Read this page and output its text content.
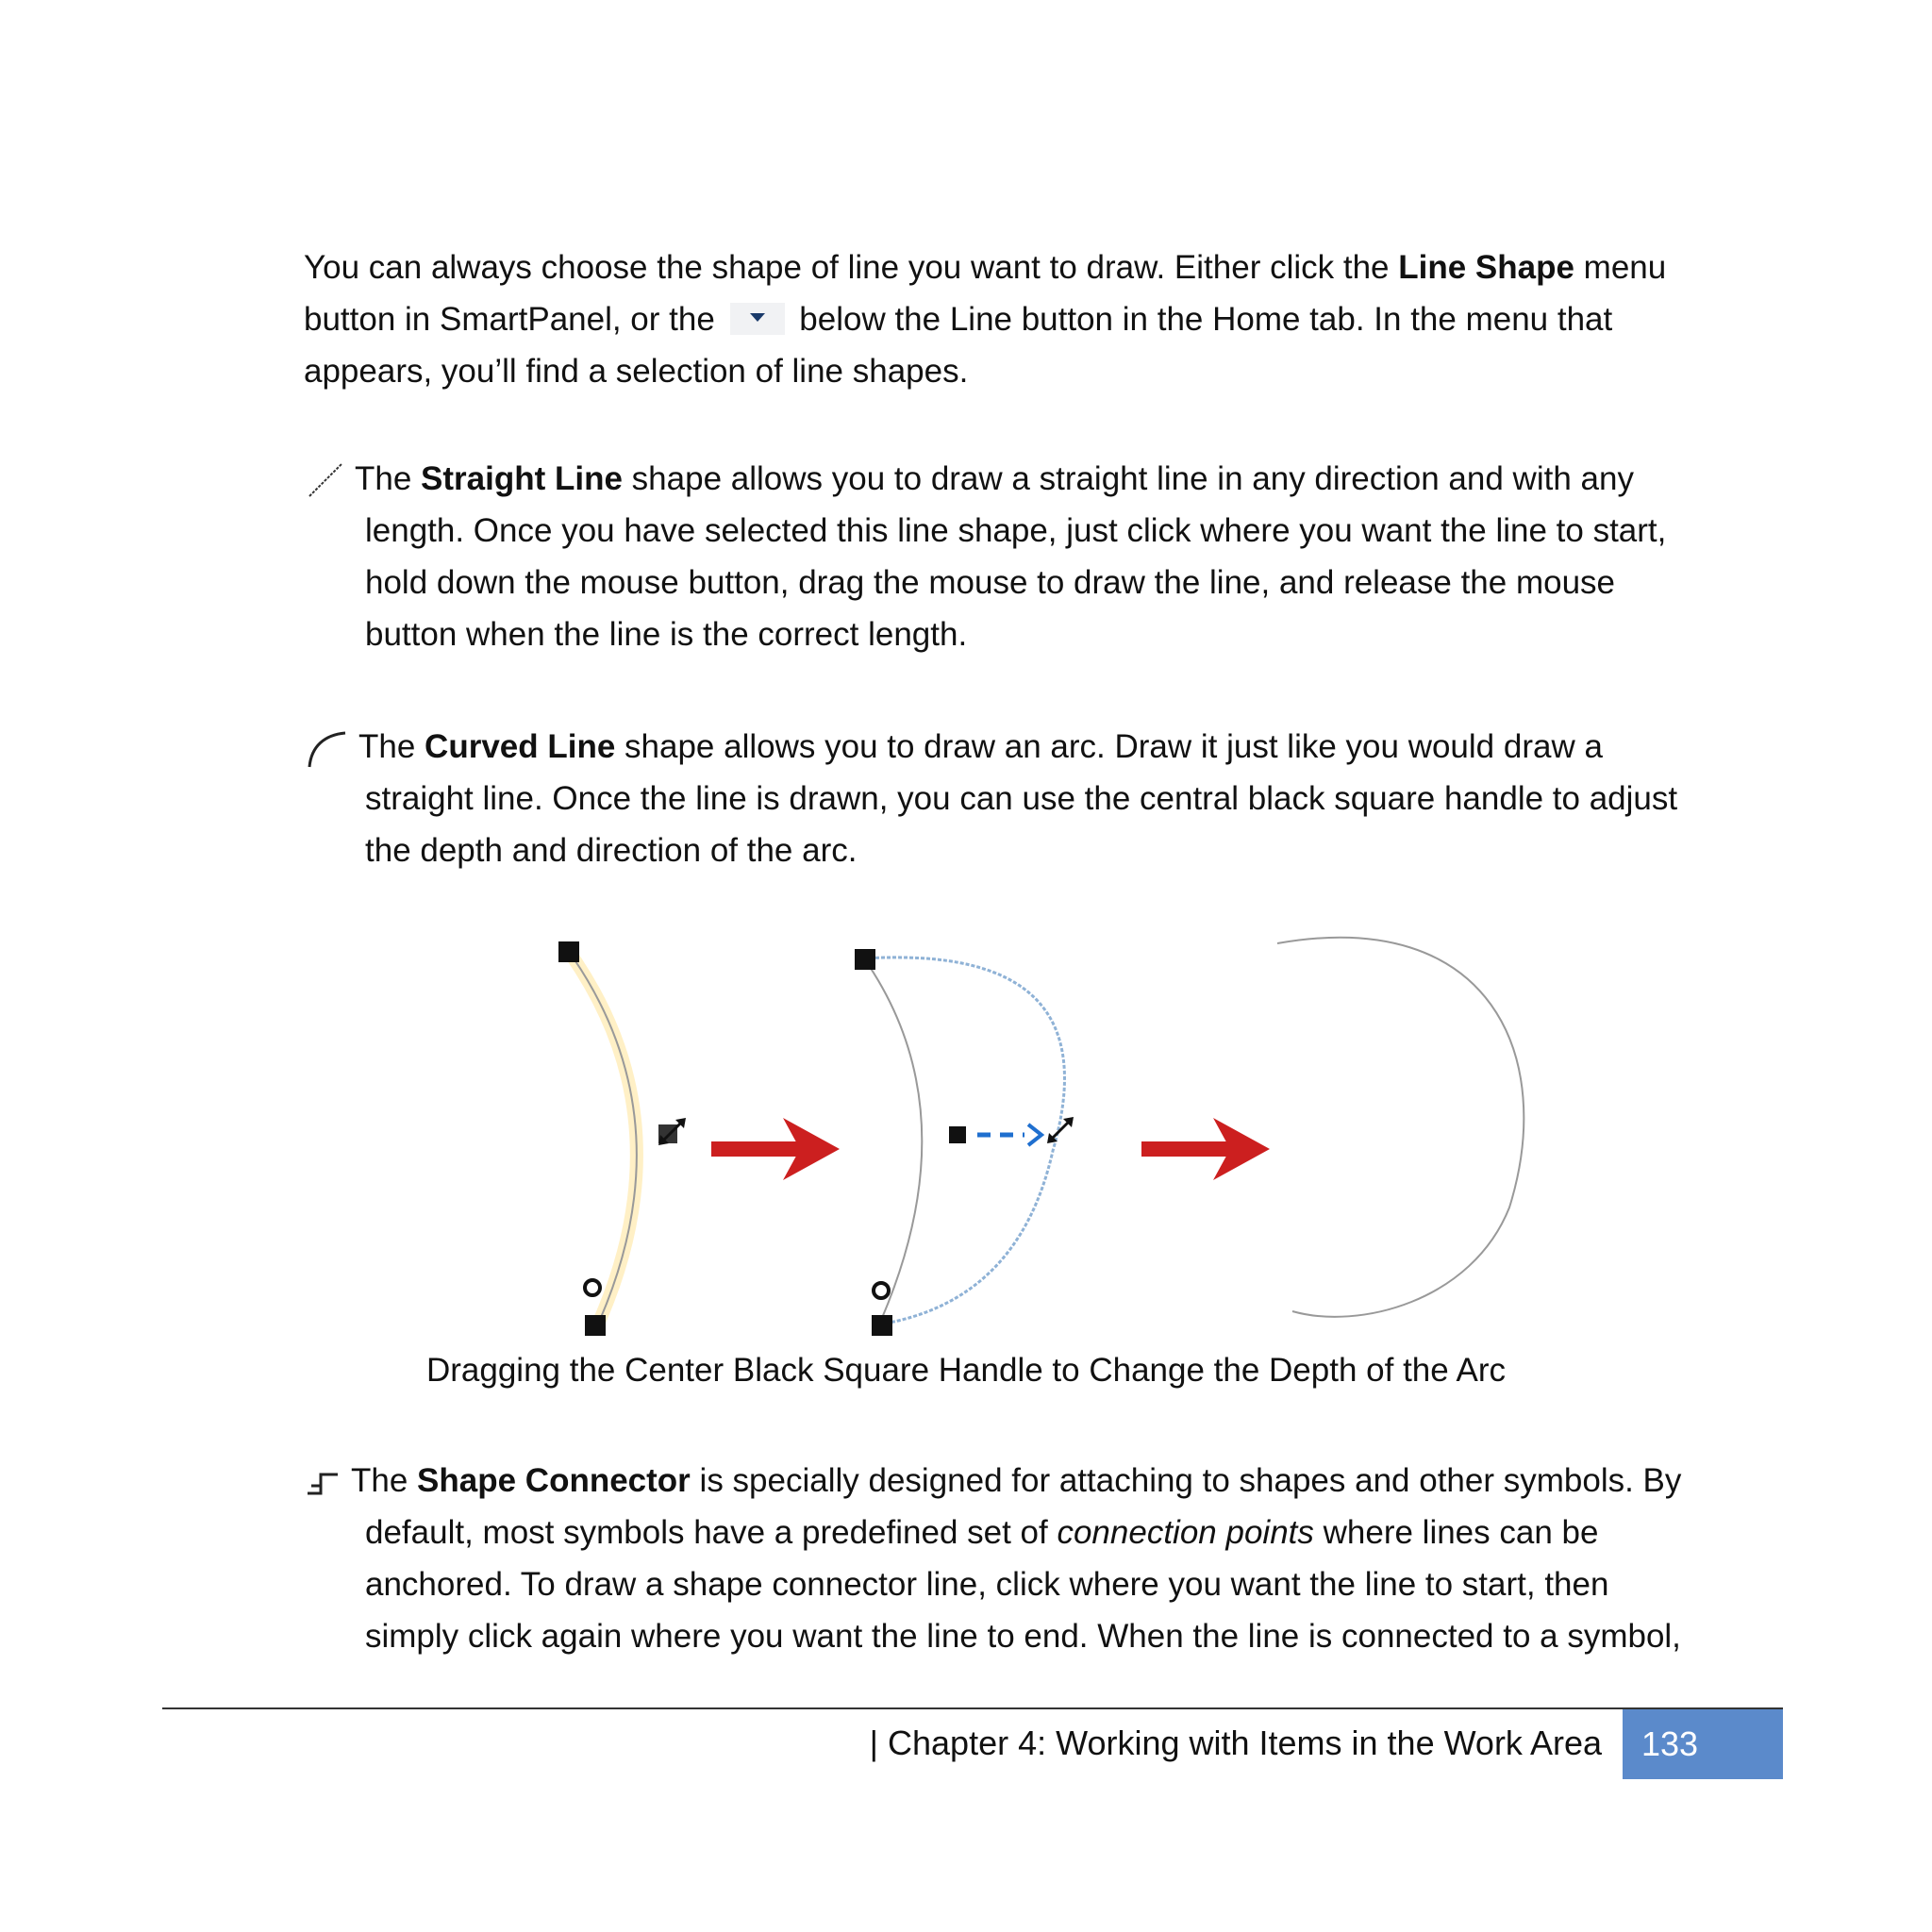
You can always choose the shape of line you want to draw. Either click the Line Shape menu
button in SmartPanel, or the
below the Line button in the Home tab. In the menu that
appears, you’ll find a selection of line shapes.
The Straight Line shape allows you to draw a straight line in any direction and with any
length. Once you have selected this line shape, just click where you want the line to start,
hold down the mouse button, drag the mouse to draw the line, and release the mouse
button when the line is the correct length.
The Curved Line shape allows you to draw an arc. Draw it just like you would draw a
straight line. Once the line is drawn, you can use the central black square handle to adjust
the depth and direction of the arc.
Dragging the Center Black Square Handle to Change the Depth of the Arc
The Shape Connector is specially designed for attaching to shapes and other symbols. By
default, most symbols have a predefined set of connection points where lines can be
anchored. To draw a shape connector line, click where you want the line to start, then
simply click again where you want the line to end. When the line is connected to a symbol,
| Chapter 4: Working with Items in the Work Area	133
